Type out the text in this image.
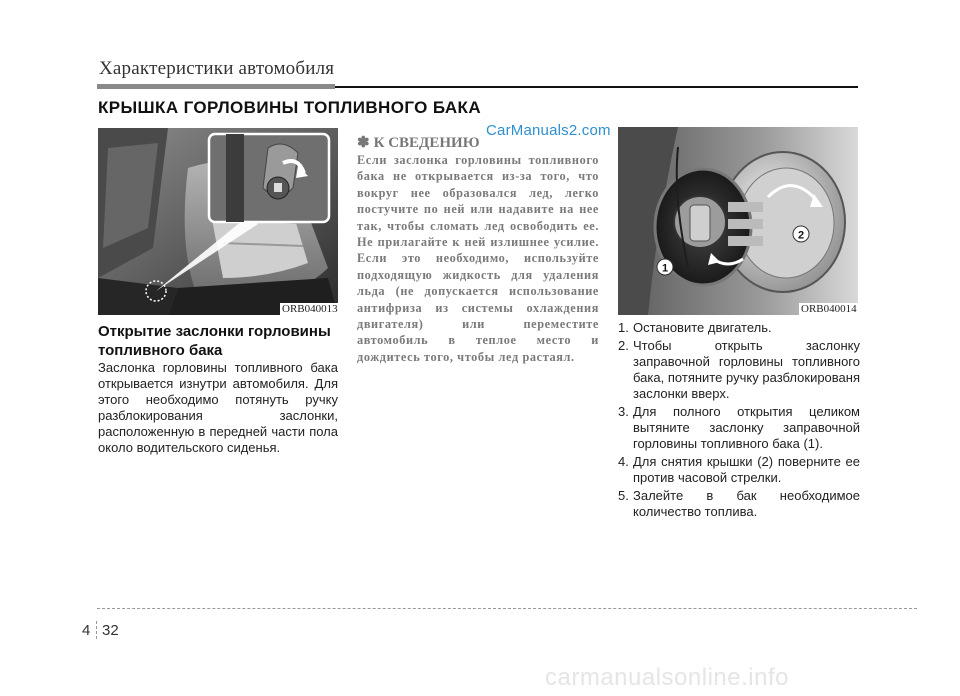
Характеристики автомобиля
КРЫШКА ГОРЛОВИНЫ ТОПЛИВНОГО БАКА
ORB040013
Открытие заслонки горловины топливного бака
Заслонка горловины топливного бака открывается изнутри автомобиля. Для этого необходимо потянуть ручку разблокирования заслонки, расположенную в передней части пола около водительского сиденья.
✽ К СВЕДЕНИЮ
CarManuals2.com
Если заслонка горловины топливного бака не открывается из-за того, что вокруг нее образовался лед, легко постучите по ней или надавите на нее так, чтобы сломать лед освободить ее. Не прилагайте к ней излишнее усилие. Если это необходимо, используйте подходящую жидкость для удаления льда (не допускается использование антифриза из системы охлаждения двигателя) или переместите автомобиль в теплое место и дождитесь того, чтобы лед растаял.
1
2
ORB040014
1. Остановите двигатель.
2. Чтобы открыть заслонку заправочной горловины топливного бака, потяните ручку разблокированя заслонки вверх.
3. Для полного открытия целиком вытяните заслонку заправочной горловины топливного бака (1).
4. Для снятия крышки (2) поверните ее против часовой стрелки.
5. Залейте в бак необходимое количество топлива.
4 32
carmanualsonline.info
